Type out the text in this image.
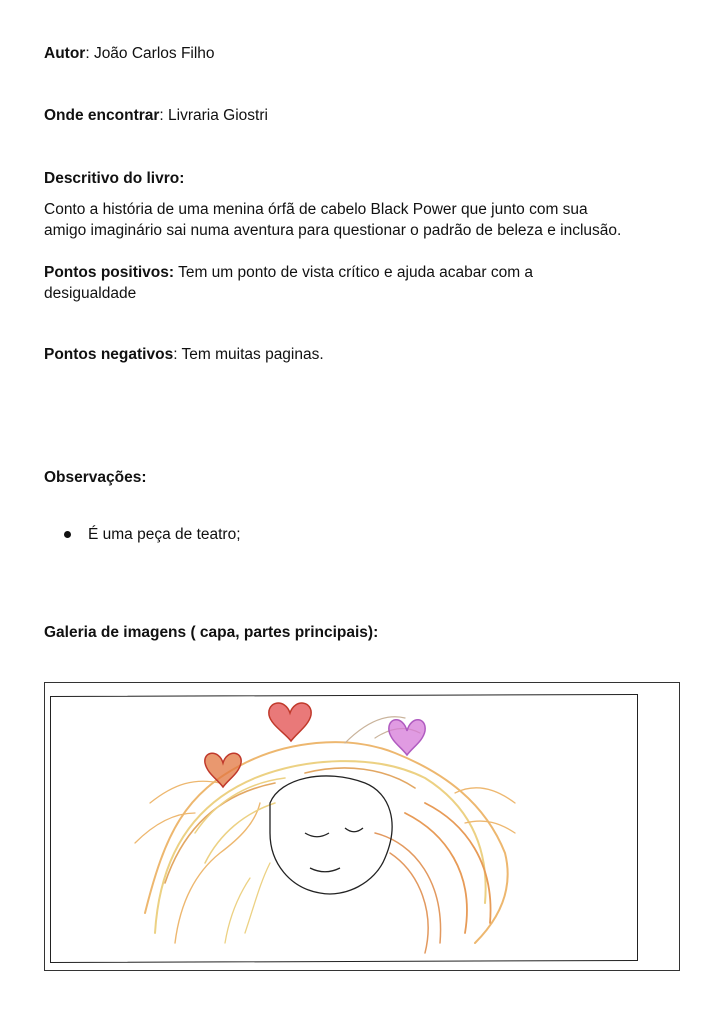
Autor: João Carlos Filho
Onde encontrar: Livraria Giostri
Descritivo do livro:
Conto a história de uma menina órfã de cabelo Black Power que junto com sua
amigo imaginário sai numa aventura para questionar o padrão de beleza e inclusão.
Pontos positivos: Tem um ponto de vista crítico e ajuda acabar com a
desigualdade
Pontos negativos: Tem muitas paginas.
Observações:
É uma peça de teatro;
Galeria de imagens ( capa, partes principais):
